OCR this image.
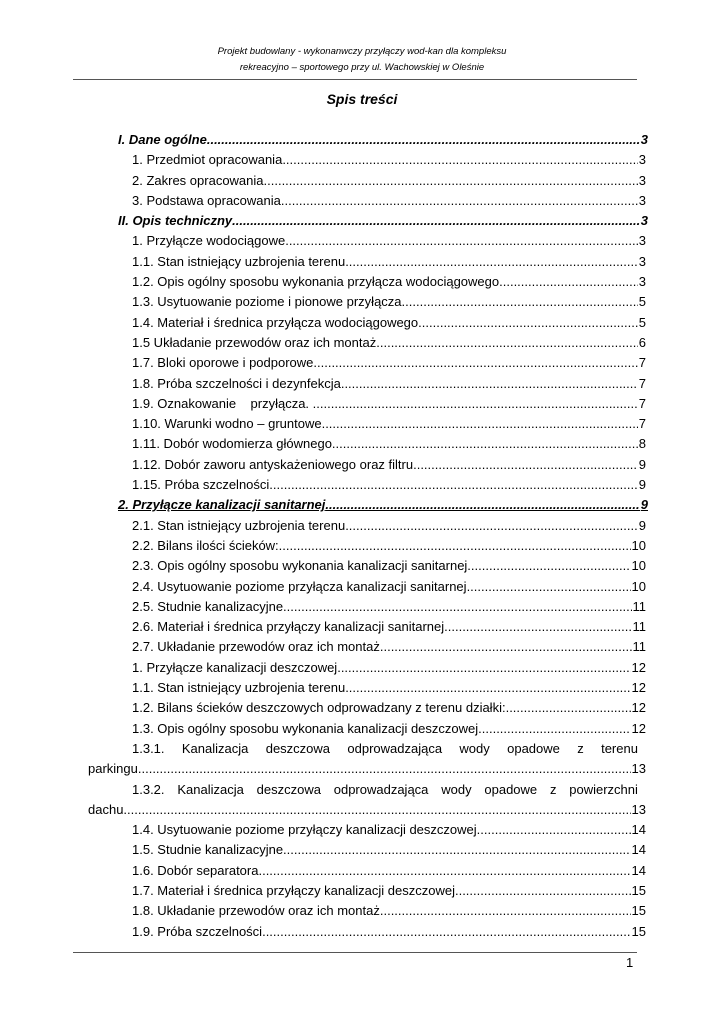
Projekt budowlany - wykonanwczy przyłączy wod-kan dla kompleksu
rekreacyjno – sportowego przy ul. Wachowskiej w Oleśnie
Spis treści
I. Dane ogólne .....	3
1. Przedmiot opracowania .....	3
2. Zakres opracowania .....	3
3. Podstawa opracowania .....	3
II. Opis techniczny .....	3
1. Przyłącze wodociągowe .....	3
1.1. Stan istniejący uzbrojenia terenu .....	3
1.2. Opis ogólny sposobu wykonania przyłącza wodociągowego .....	3
1.3. Usytuowanie poziome i pionowe przyłącza .....	5
1.4. Materiał i średnica przyłącza wodociągowego .....	5
1.5 Układanie przewodów oraz ich montaż .....	6
1.7. Bloki oporowe i podporowe .....	7
1.8. Próba szczelności i dezynfekcja .....	7
1.9. Oznakowanie    przyłącza. .....	7
1.10. Warunki wodno – gruntowe. .....	7
1.11. Dobór wodomierza głównego. .....	8
1.12. Dobór zaworu antyskażeniowego oraz filtru .....	9
1.15. Próba szczelności .....	9
2. Przyłącze kanalizacji sanitarnej .....	9
2.1. Stan istniejący uzbrojenia terenu .....	9
2.2. Bilans ilości ścieków: .....	10
2.3. Opis ogólny sposobu wykonania kanalizacji sanitarnej. .....	10
2.4. Usytuowanie poziome przyłącza kanalizacji sanitarnej .....	10
2.5. Studnie kanalizacyjne .....	11
2.6. Materiał i średnica przyłączy kanalizacji sanitarnej. .....	11
2.7. Układanie przewodów oraz ich montaż .....	11
1. Przyłącze kanalizacji deszczowej .....	12
1.1. Stan istniejący uzbrojenia terenu .....	12
1.2. Bilans ścieków deszczowych odprowadzany z terenu działki: .....	12
1.3. Opis ogólny sposobu wykonania kanalizacji deszczowej. .....	12
1.3.1. Kanalizacja deszczowa odprowadzająca wody opadowe z terenu
parkingu .....	13
1.3.2. Kanalizacja deszczowa odprowadzająca wody opadowe z powierzchni
dachu .....	13
1.4. Usytuowanie poziome przyłączy kanalizacji deszczowej .....	14
1.5. Studnie kanalizacyjne .....	14
1.6. Dobór separatora .....	14
1.7. Materiał i średnica przyłączy kanalizacji deszczowej. .....	15
1.8. Układanie przewodów oraz ich montaż .....	15
1.9. Próba szczelności .....	15
1
